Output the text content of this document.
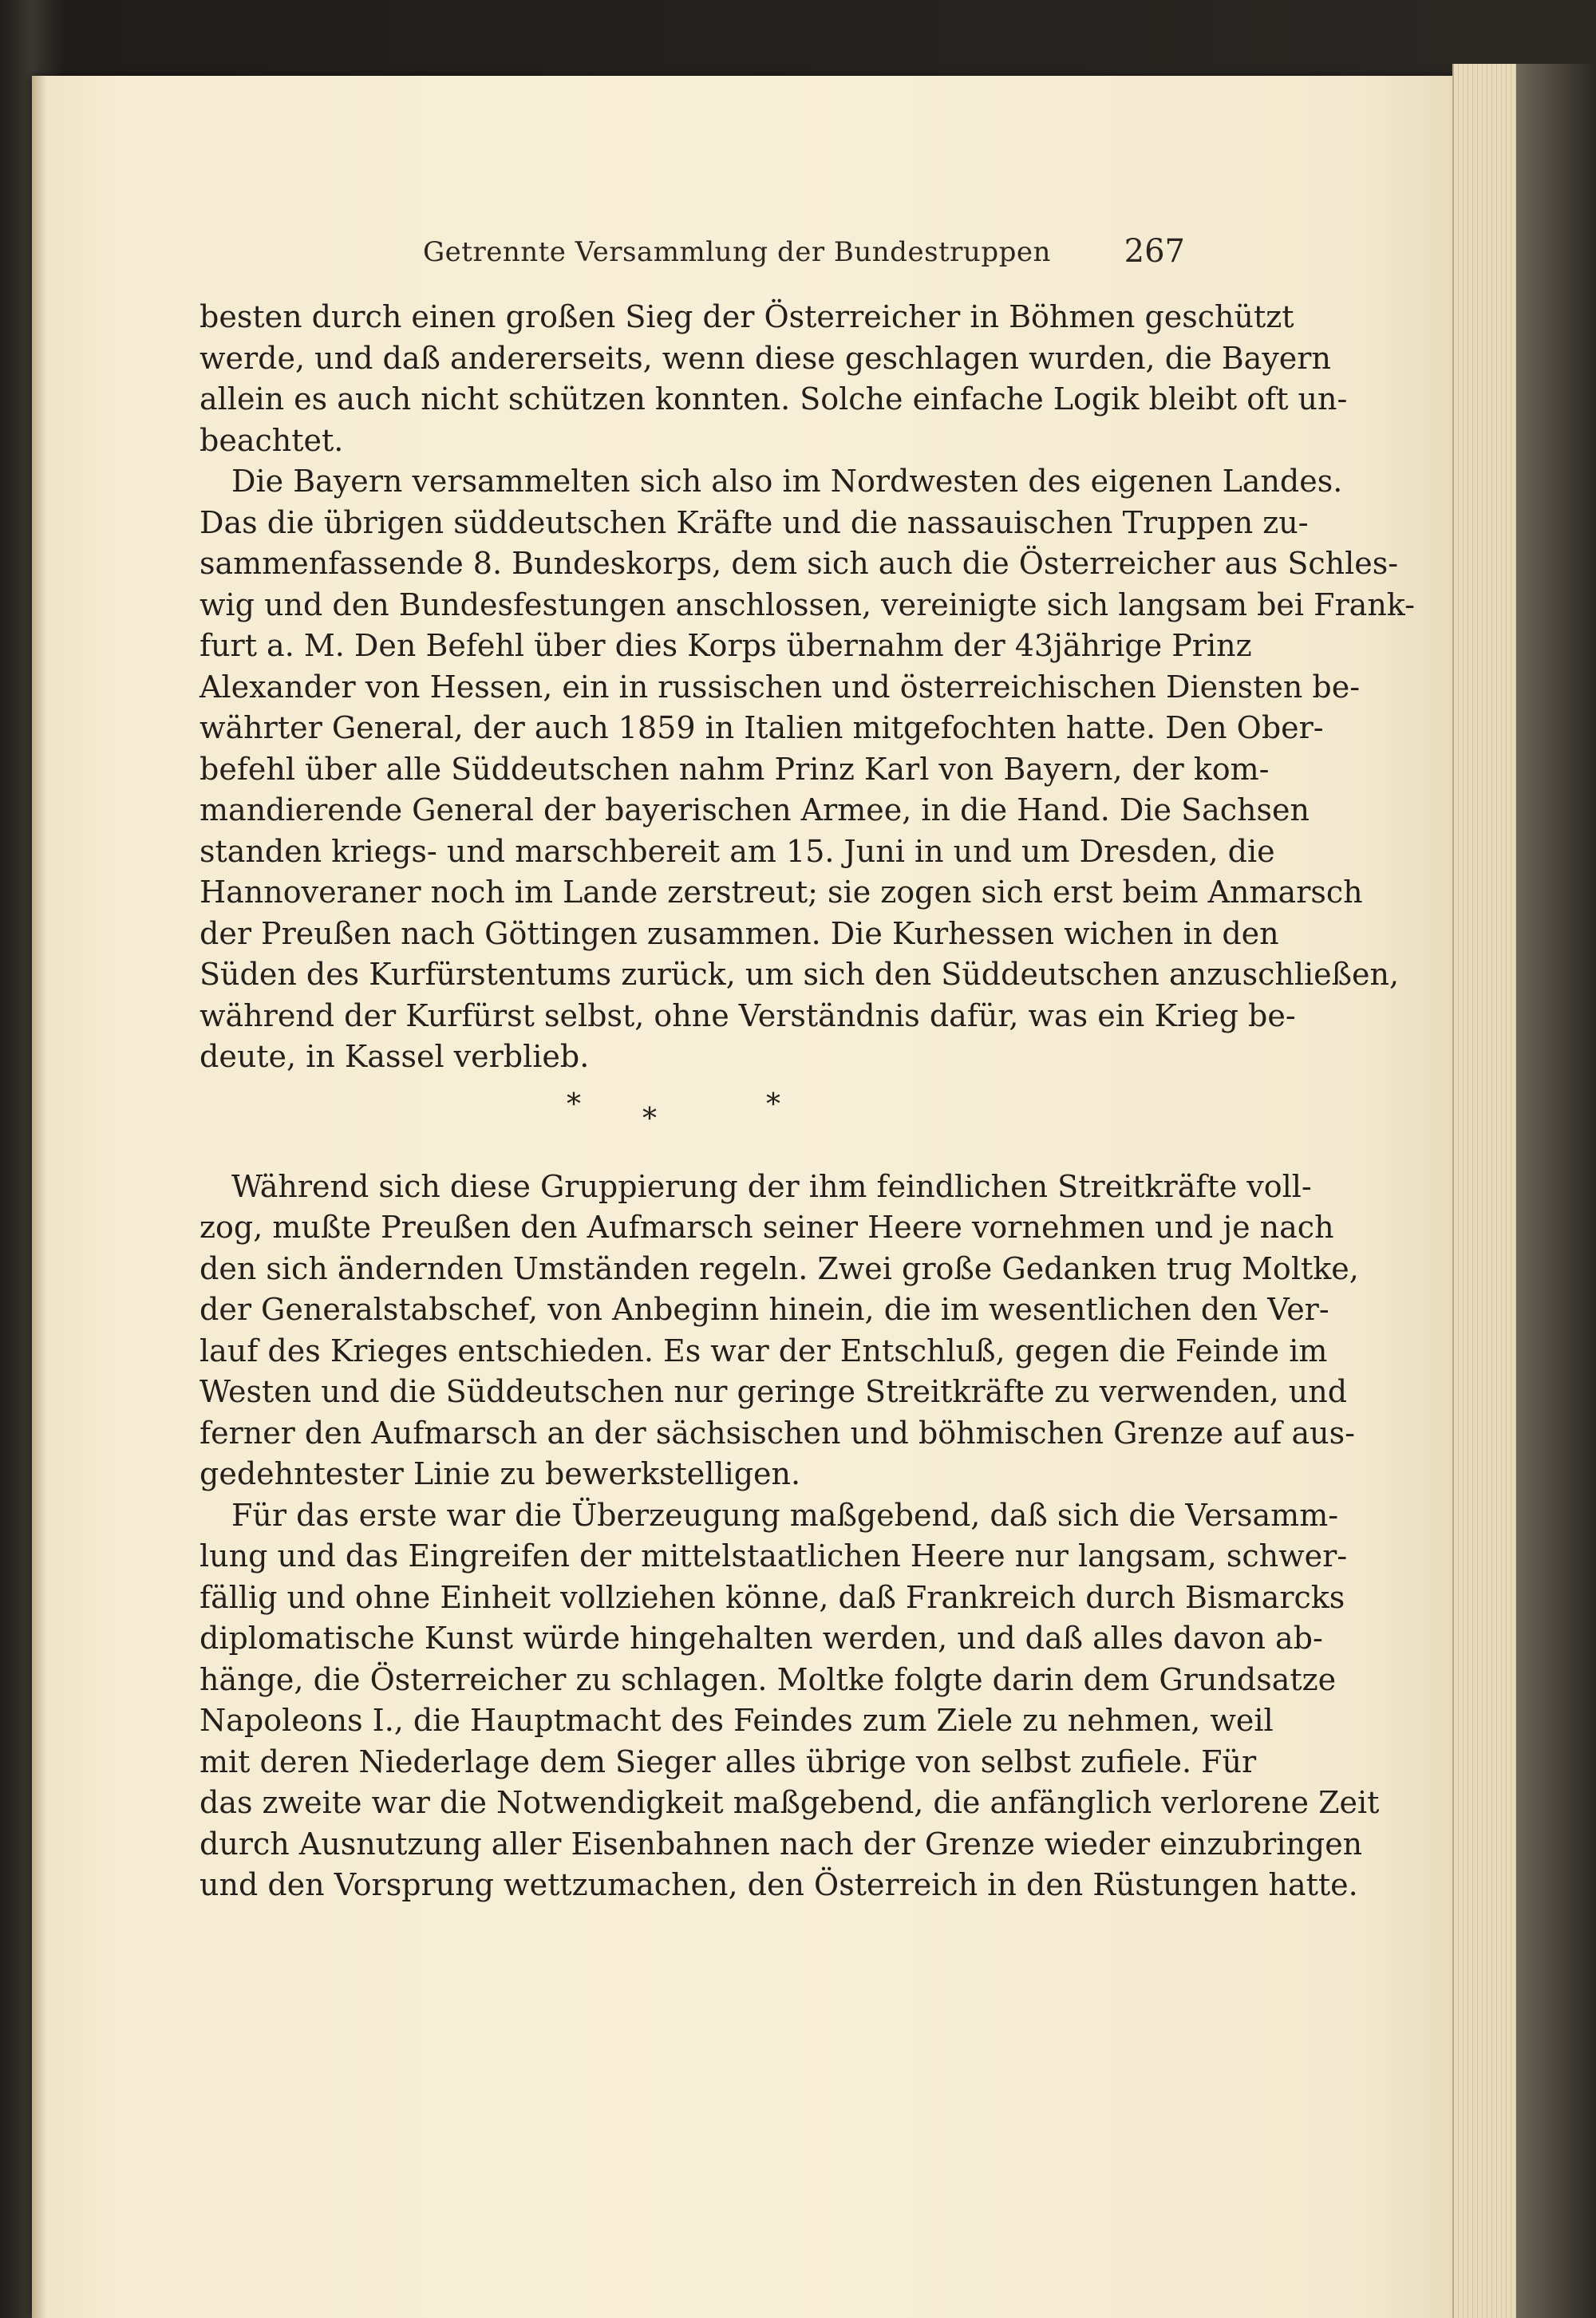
Getrennte Versammlung der Bundestruppen 267
besten durch einen großen Sieg der Österreicher in Böhmen geschützt
werde, und daß andererseits, wenn diese geschlagen wurden, die Bayern
allein es auch nicht schützen konnten. Solche einfache Logik bleibt oft un-
beachtet.
Die Bayern versammelten sich also im Nordwesten des eigenen Landes.
Das die übrigen süddeutschen Kräfte und die nassauischen Truppen zu-
sammenfassende 8. Bundeskorps, dem sich auch die Österreicher aus Schles-
wig und den Bundesfestungen anschlossen, vereinigte sich langsam bei Frank-
furt a. M. Den Befehl über dies Korps übernahm der 43jährige Prinz
Alexander von Hessen, ein in russischen und österreichischen Diensten be-
währter General, der auch 1859 in Italien mitgefochten hatte. Den Ober-
befehl über alle Süddeutschen nahm Prinz Karl von Bayern, der kom-
mandierende General der bayerischen Armee, in die Hand. Die Sachsen
standen kriegs- und marschbereit am 15. Juni in und um Dresden, die
Hannoveraner noch im Lande zerstreut; sie zogen sich erst beim Anmarsch
der Preußen nach Göttingen zusammen. Die Kurhessen wichen in den
Süden des Kurfürstentums zurück, um sich den Süddeutschen anzuschließen,
während der Kurfürst selbst, ohne Verständnis dafür, was ein Krieg be-
deute, in Kassel verblieb.
* *	*
Während sich diese Gruppierung der ihm feindlichen Streitkräfte voll-
zog, mußte Preußen den Aufmarsch seiner Heere vornehmen und je nach
den sich ändernden Umständen regeln. Zwei große Gedanken trug Moltke,
der Generalstabschef, von Anbeginn hinein, die im wesentlichen den Ver-
lauf des Krieges entschieden. Es war der Entschluß, gegen die Feinde im
Westen und die Süddeutschen nur geringe Streitkräfte zu verwenden, und
ferner den Aufmarsch an der sächsischen und böhmischen Grenze auf aus-
gedehntester Linie zu bewerkstelligen.
Für das erste war die Überzeugung maßgebend, daß sich die Versamm-
lung und das Eingreifen der mittelstaatlichen Heere nur langsam, schwer-
fällig und ohne Einheit vollziehen könne, daß Frankreich durch Bismarcks
diplomatische Kunst würde hingehalten werden, und daß alles davon ab-
hänge, die Österreicher zu schlagen. Moltke folgte darin dem Grundsatze
Napoleons I., die Hauptmacht des Feindes zum Ziele zu nehmen, weil
mit deren Niederlage dem Sieger alles übrige von selbst zufiele. Für
das zweite war die Notwendigkeit maßgebend, die anfänglich verlorene Zeit
durch Ausnutzung aller Eisenbahnen nach der Grenze wieder einzubringen
und den Vorsprung wettzumachen, den Österreich in den Rüstungen hatte.
